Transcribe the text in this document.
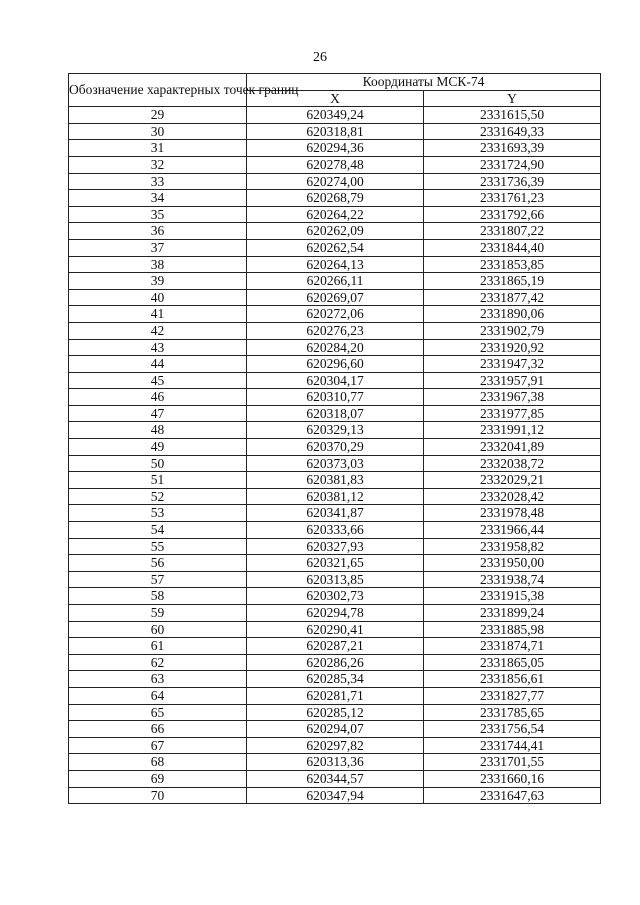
26
Обозначение характерных точек границ	Координаты МСК-74	
	X	Y
29	620349,24	2331615,50
30	620318,81	2331649,33
31	620294,36	2331693,39
32	620278,48	2331724,90
33	620274,00	2331736,39
34	620268,79	2331761,23
35	620264,22	2331792,66
36	620262,09	2331807,22
37	620262,54	2331844,40
38	620264,13	2331853,85
39	620266,11	2331865,19
40	620269,07	2331877,42
41	620272,06	2331890,06
42	620276,23	2331902,79
43	620284,20	2331920,92
44	620296,60	2331947,32
45	620304,17	2331957,91
46	620310,77	2331967,38
47	620318,07	2331977,85
48	620329,13	2331991,12
49	620370,29	2332041,89
50	620373,03	2332038,72
51	620381,83	2332029,21
52	620381,12	2332028,42
53	620341,87	2331978,48
54	620333,66	2331966,44
55	620327,93	2331958,82
56	620321,65	2331950,00
57	620313,85	2331938,74
58	620302,73	2331915,38
59	620294,78	2331899,24
60	620290,41	2331885,98
61	620287,21	2331874,71
62	620286,26	2331865,05
63	620285,34	2331856,61
64	620281,71	2331827,77
65	620285,12	2331785,65
66	620294,07	2331756,54
67	620297,82	2331744,41
68	620313,36	2331701,55
69	620344,57	2331660,16
70	620347,94	2331647,63
